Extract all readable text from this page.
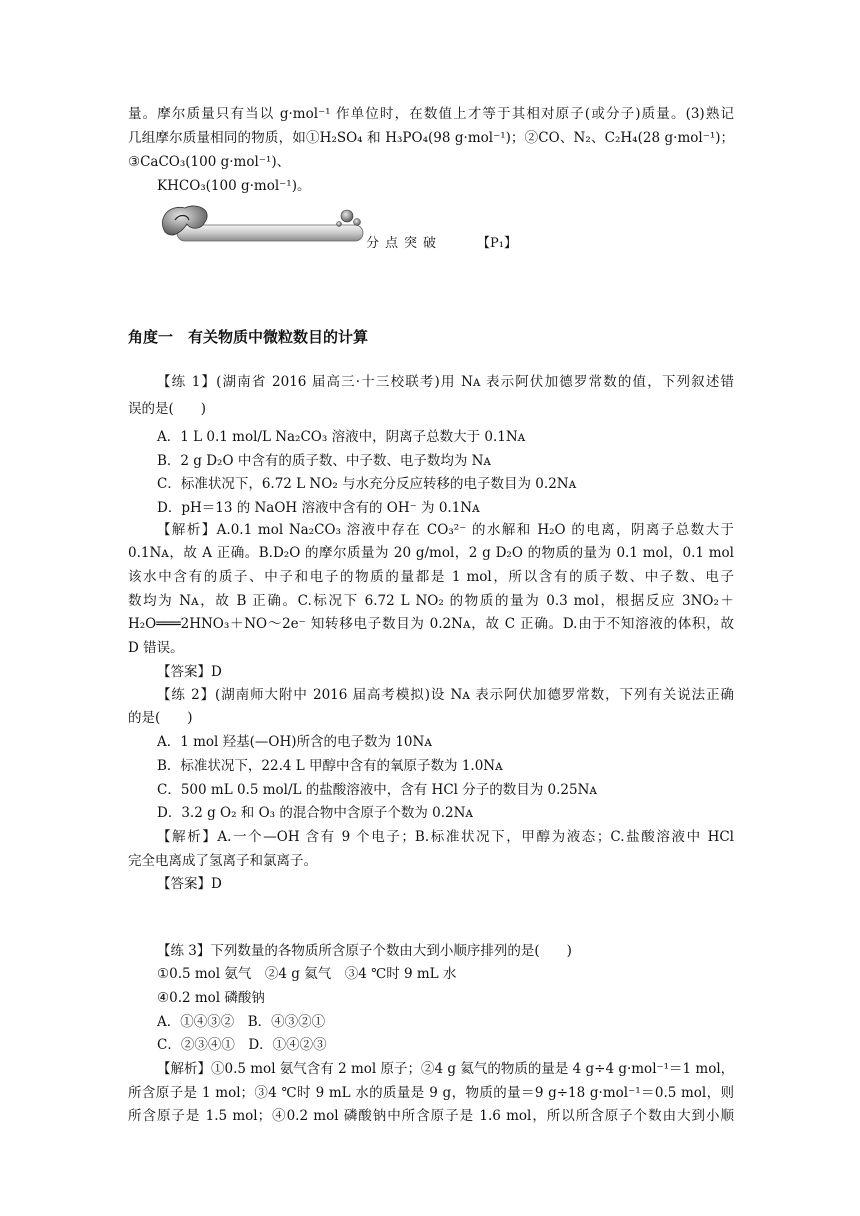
量。摩尔质量只有当以 g·mol⁻¹ 作单位时，在数值上才等于其相对原子(或分子)质量。(3)熟记
几组摩尔质量相同的物质，如①H₂SO₄ 和 H₃PO₄(98 g·mol⁻¹)；②CO、N₂、C₂H₄(28 g·mol⁻¹)；
③CaCO₃(100 g·mol⁻¹)、
KHCO₃(100 g·mol⁻¹)。
分点突破	【P₁】
角度一　有关物质中微粒数目的计算
【练 1】(湖南省 2016 届高三·十三校联考)用 Nᴀ 表示阿伏加德罗常数的值，下列叙述错
误的是(　　)
A．1 L 0.1 mol/L Na₂CO₃ 溶液中，阴离子总数大于 0.1Nᴀ
B．2 g D₂O 中含有的质子数、中子数、电子数均为 Nᴀ
C．标准状况下，6.72 L NO₂ 与水充分反应转移的电子数目为 0.2Nᴀ
D．pH＝13 的 NaOH 溶液中含有的 OH⁻ 为 0.1Nᴀ
【解析】A.0.1 mol Na₂CO₃ 溶液中存在 CO₃²⁻ 的水解和 H₂O 的电离，阴离子总数大于
0.1Nᴀ，故 A 正确。B.D₂O 的摩尔质量为 20 g/mol，2 g D₂O 的物质的量为 0.1 mol，0.1 mol
该水中含有的质子、中子和电子的物质的量都是 1 mol，所以含有的质子数、中子数、电子
数均为 Nᴀ，故 B 正确。C.标况下 6.72 L NO₂ 的物质的量为 0.3 mol，根据反应 3NO₂＋
H₂O═══2HNO₃＋NO～2e⁻ 知转移电子数目为 0.2Nᴀ，故 C 正确。D.由于不知溶液的体积，故
D 错误。
【答案】D
【练 2】(湖南师大附中 2016 届高考模拟)设 Nᴀ 表示阿伏加德罗常数，下列有关说法正确
的是(　　)
A．1 mol 羟基(—OH)所含的电子数为 10Nᴀ
B．标准状况下，22.4 L 甲醇中含有的氧原子数为 1.0Nᴀ
C．500 mL 0.5 mol/L 的盐酸溶液中，含有 HCl 分子的数目为 0.25Nᴀ
D．3.2 g O₂ 和 O₃ 的混合物中含原子个数为 0.2Nᴀ
【解析】A.一个—OH 含有 9 个电子；B.标准状况下，甲醇为液态；C.盐酸溶液中 HCl
完全电离成了氢离子和氯离子。
【答案】D
【练 3】下列数量的各物质所含原子个数由大到小顺序排列的是(　　)
①0.5 mol 氨气　②4 g 氦气　③4 ℃时 9 mL 水
④0.2 mol 磷酸钠
A．①④③②　B．④③②①
C．②③④①　D．①④②③
【解析】①0.5 mol 氨气含有 2 mol 原子；②4 g 氦气的物质的量是 4 g÷4 g·mol⁻¹＝1 mol，
所含原子是 1 mol；③4 ℃时 9 mL 水的质量是 9 g，物质的量＝9 g÷18 g·mol⁻¹＝0.5 mol，则
所含原子是 1.5 mol；④0.2 mol 磷酸钠中所含原子是 1.6 mol，所以所含原子个数由大到小顺
